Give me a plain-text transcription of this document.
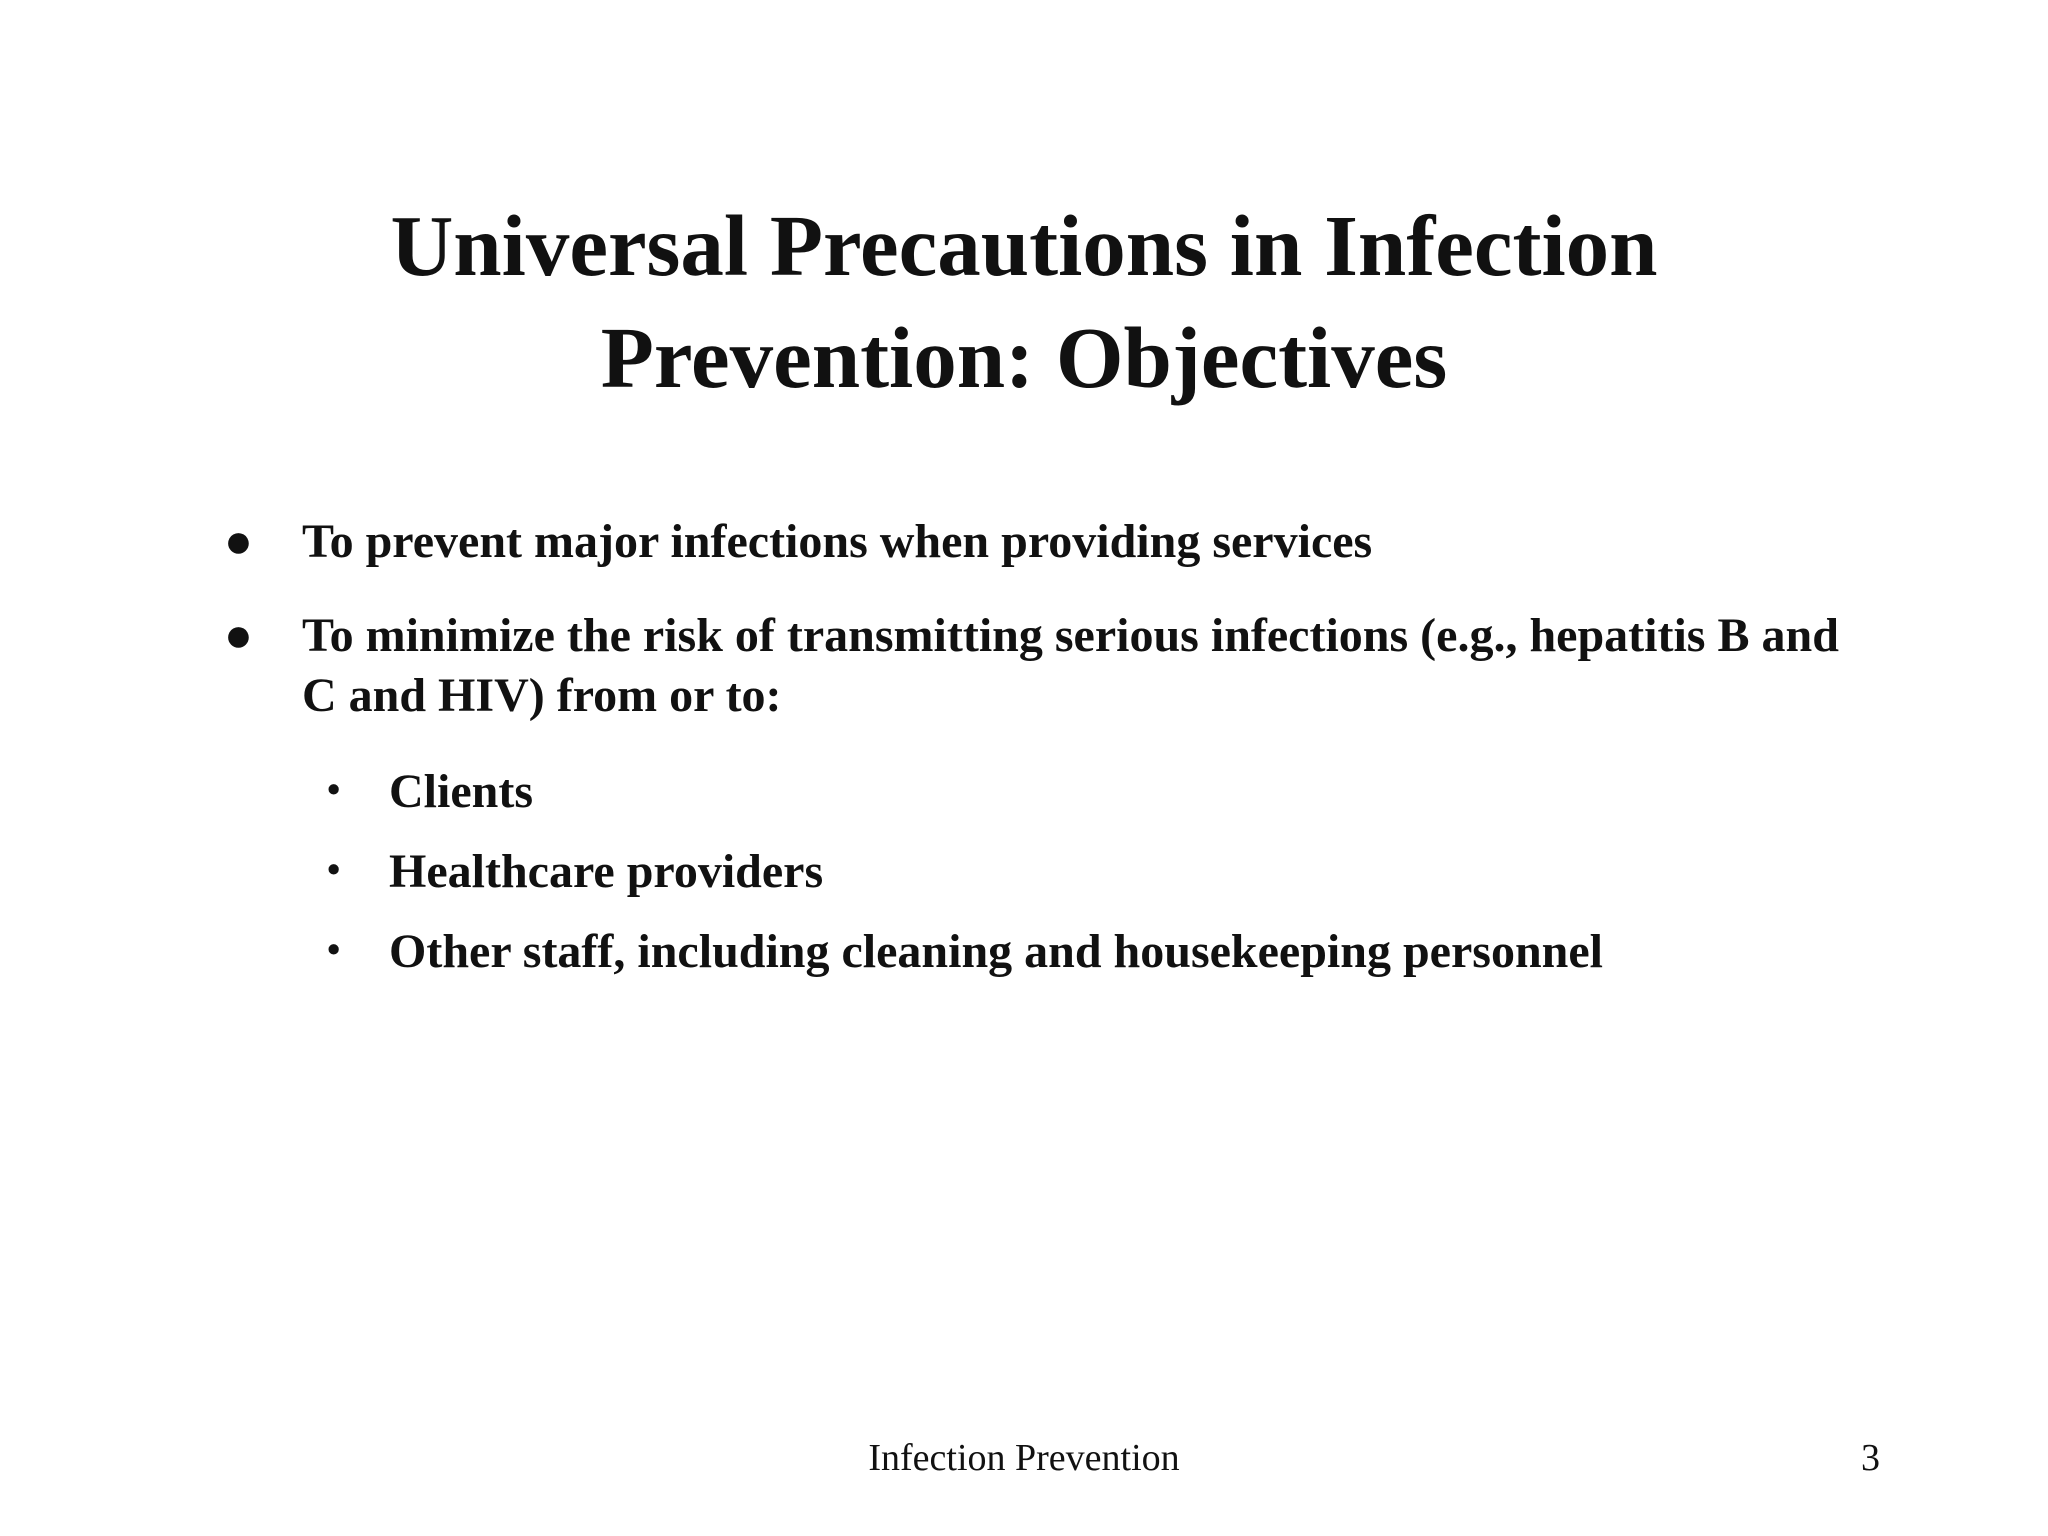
Universal Precautions in Infection
Prevention: Objectives
● To prevent major infections when providing services
● To minimize the risk of transmitting serious infections (e.g., hepatitis B and C and HIV) from or to:
• Clients
• Healthcare providers
• Other staff, including cleaning and housekeeping personnel
Infection Prevention	3
